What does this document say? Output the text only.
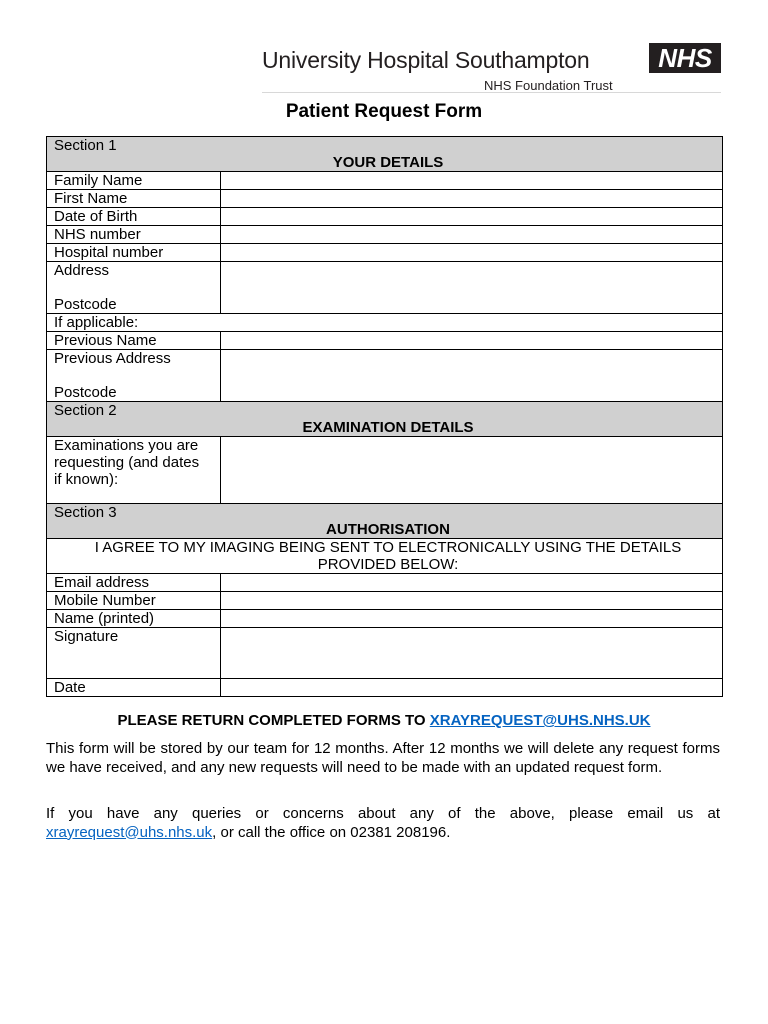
University Hospital Southampton
NHS Foundation Trust
NHS
Patient Request Form
Section 1
YOUR DETAILS	

Family Name	
First Name	
Date of Birth	
NHS number	
Hospital number	

Address
Postcode	

If applicable:	
Previous Name	

Previous Address
Postcode	

Section 2
EXAMINATION DETAILS	

Examinations you are
requesting (and dates
if known):	

Section 3
AUTHORISATION	

I AGREE TO MY IMAGING BEING SENT TO ELECTRONICALLY USING THE DETAILS
PROVIDED BELOW:	

Email address	
Mobile Number	
Name (printed)	
Signature	
Date	
PLEASE RETURN COMPLETED FORMS TO XRAYREQUEST@UHS.NHS.UK

This form will be stored by our team for 12 months. After 12 months we will delete any request forms we have received, and any new requests will need to be made with an updated request form.

If you have any queries or concerns about any of the above, please email us at xrayrequest@uhs.nhs.uk, or call the office on 02381 208196.
